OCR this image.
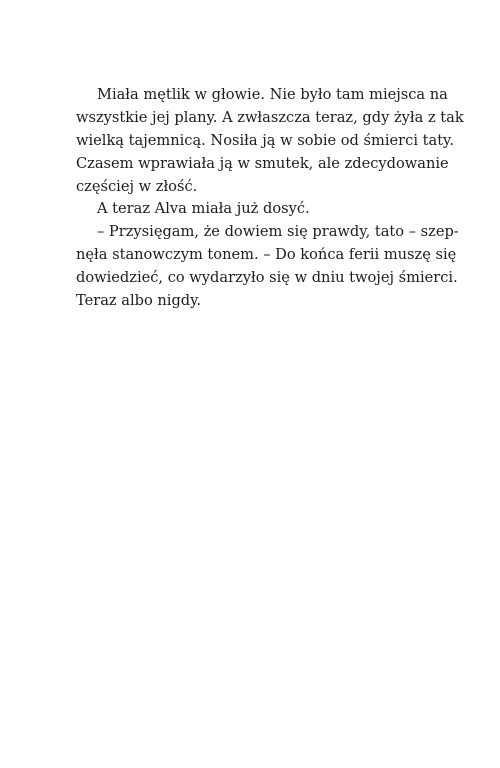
Miała mętlik w głowie. Nie było tam miejsca na
wszystkie jej plany. A zwłaszcza teraz, gdy żyła z tak
wielką tajemnicą. Nosiła ją w sobie od śmierci taty.
Czasem wprawiała ją w smutek, ale zdecydowanie
częściej w złość.
A teraz Alva miała już dosyć.
– Przysięgam, że dowiem się prawdy, tato – szep-
nęła stanowczym tonem. – Do końca ferii muszę się
dowiedzieć, co wydarzyło się w dniu twojej śmierci.
Teraz albo nigdy.
